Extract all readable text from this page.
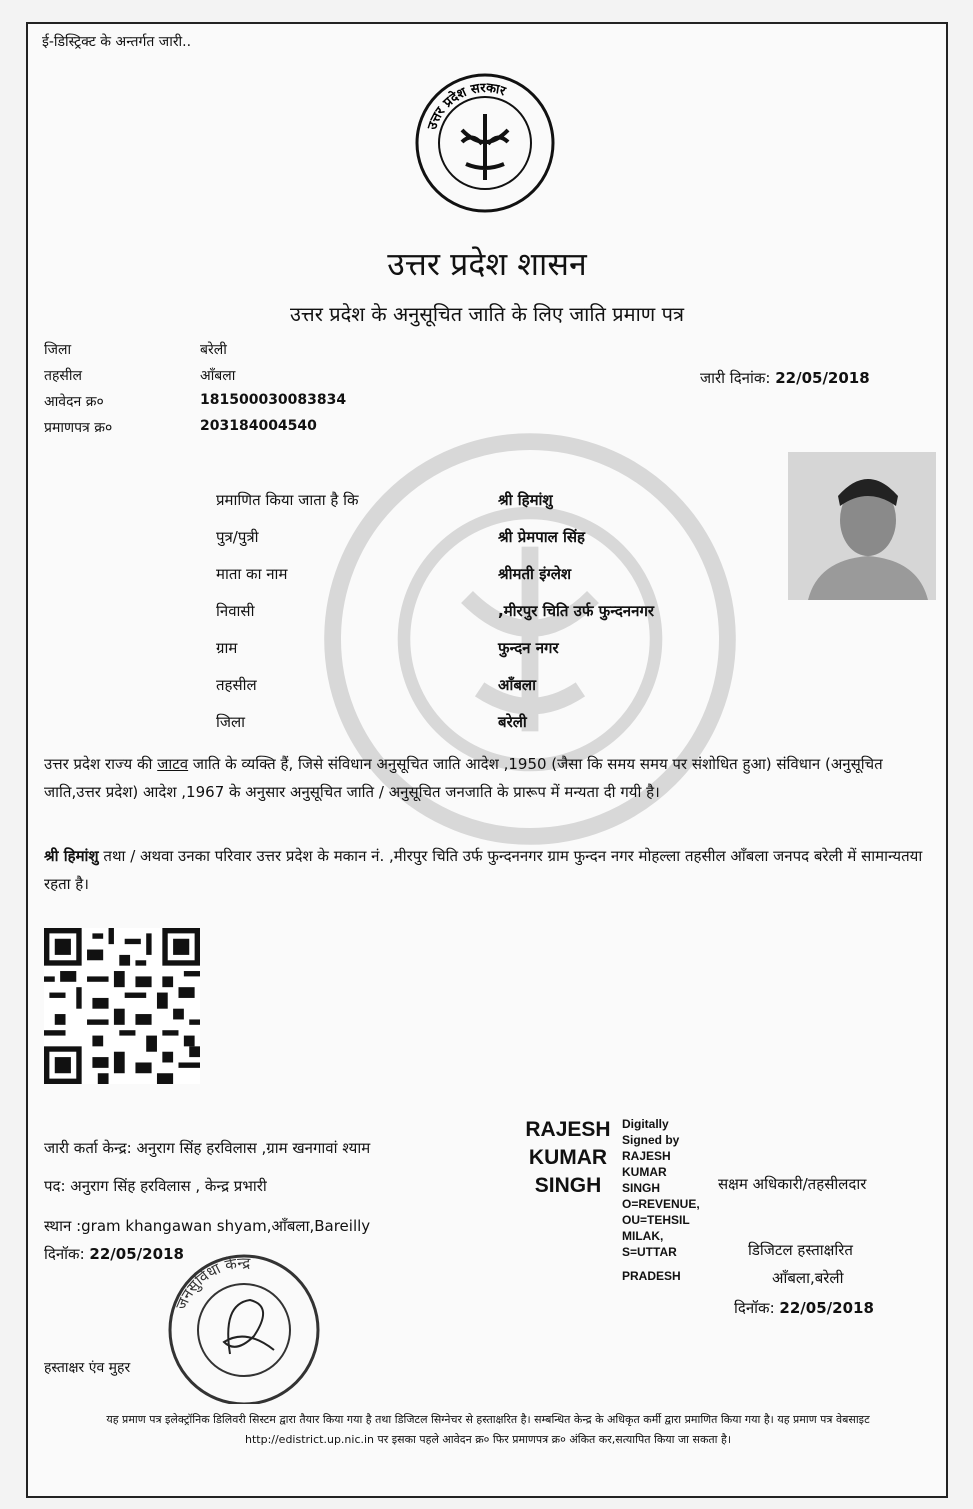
ई-डिस्ट्रिक्ट के अन्तर्गत जारी..
उत्तर प्रदेश सरकार
उत्तर प्रदेश शासन
उत्तर प्रदेश के अनुसूचित जाति के लिए जाति प्रमाण पत्र
जिला	बरेली
तहसील	आँबला
आवेदन क्र०	181500030083834
प्रमाणपत्र क्र०	203184004540
जारी दिनांक: 22/05/2018
प्रमाणित किया जाता है कि	श्री हिमांशु
पुत्र/पुत्री	श्री प्रेमपाल सिंह
माता का नाम	श्रीमती इंग्लेश
निवासी	,मीरपुर चिति उर्फ फुन्दननगर
ग्राम	फुन्दन नगर
तहसील	आँबला
जिला	बरेली
उत्तर प्रदेश राज्य की जाटव जाति के व्यक्ति हैं, जिसे संविधान अनुसूचित जाति आदेश ,1950 (जैसा कि समय समय पर संशोधित हुआ) संविधान (अनुसूचित जाति,उत्तर प्रदेश) आदेश ,1967 के अनुसार अनुसूचित जाति / अनुसूचित जनजाति के प्रारूप में मन्यता दी गयी है।
श्री हिमांशु तथा / अथवा उनका परिवार उत्तर प्रदेश के मकान नं. ,मीरपुर चिति उर्फ फुन्दननगर ग्राम फुन्दन नगर मोहल्ला तहसील आँबला जनपद बरेली में सामान्यतया रहता है।
जारी कर्ता केन्द्र: अनुराग सिंह हरविलास ,ग्राम खनगावां श्याम
पद: अनुराग सिंह हरविलास , केन्द्र प्रभारी
स्थान :gram khangawan shyam,आँबला,Bareilly
दिनॉक: 22/05/2018
हस्ताक्षर एंव मुहर
जनसुविधा केन्द्र
RAJESH
KUMAR
SINGH
Digitally
Signed by
RAJESH
KUMAR
SINGH
O=REVENUE,
OU=TEHSIL
MILAK,
S=UTTAR
PRADESH
सक्षम अधिकारी/तहसीलदार
डिजिटल हस्ताक्षरित
आँबला,बरेली
दिनॉक: 22/05/2018
यह प्रमाण पत्र इलेक्ट्रॉनिक डिलिवरी सिस्टम द्वारा तैयार किया गया है तथा डिजिटल सिग्नेचर से हस्ताक्षरित है। सम्बन्धित केन्द्र के अधिकृत कर्मी द्वारा प्रमाणित किया गया है। यह प्रमाण पत्र वेबसाइट http://edistrict.up.nic.in पर इसका पहले आवेदन क्र० फिर प्रमाणपत्र क्र० अंकित कर,सत्यापित किया जा सकता है।
